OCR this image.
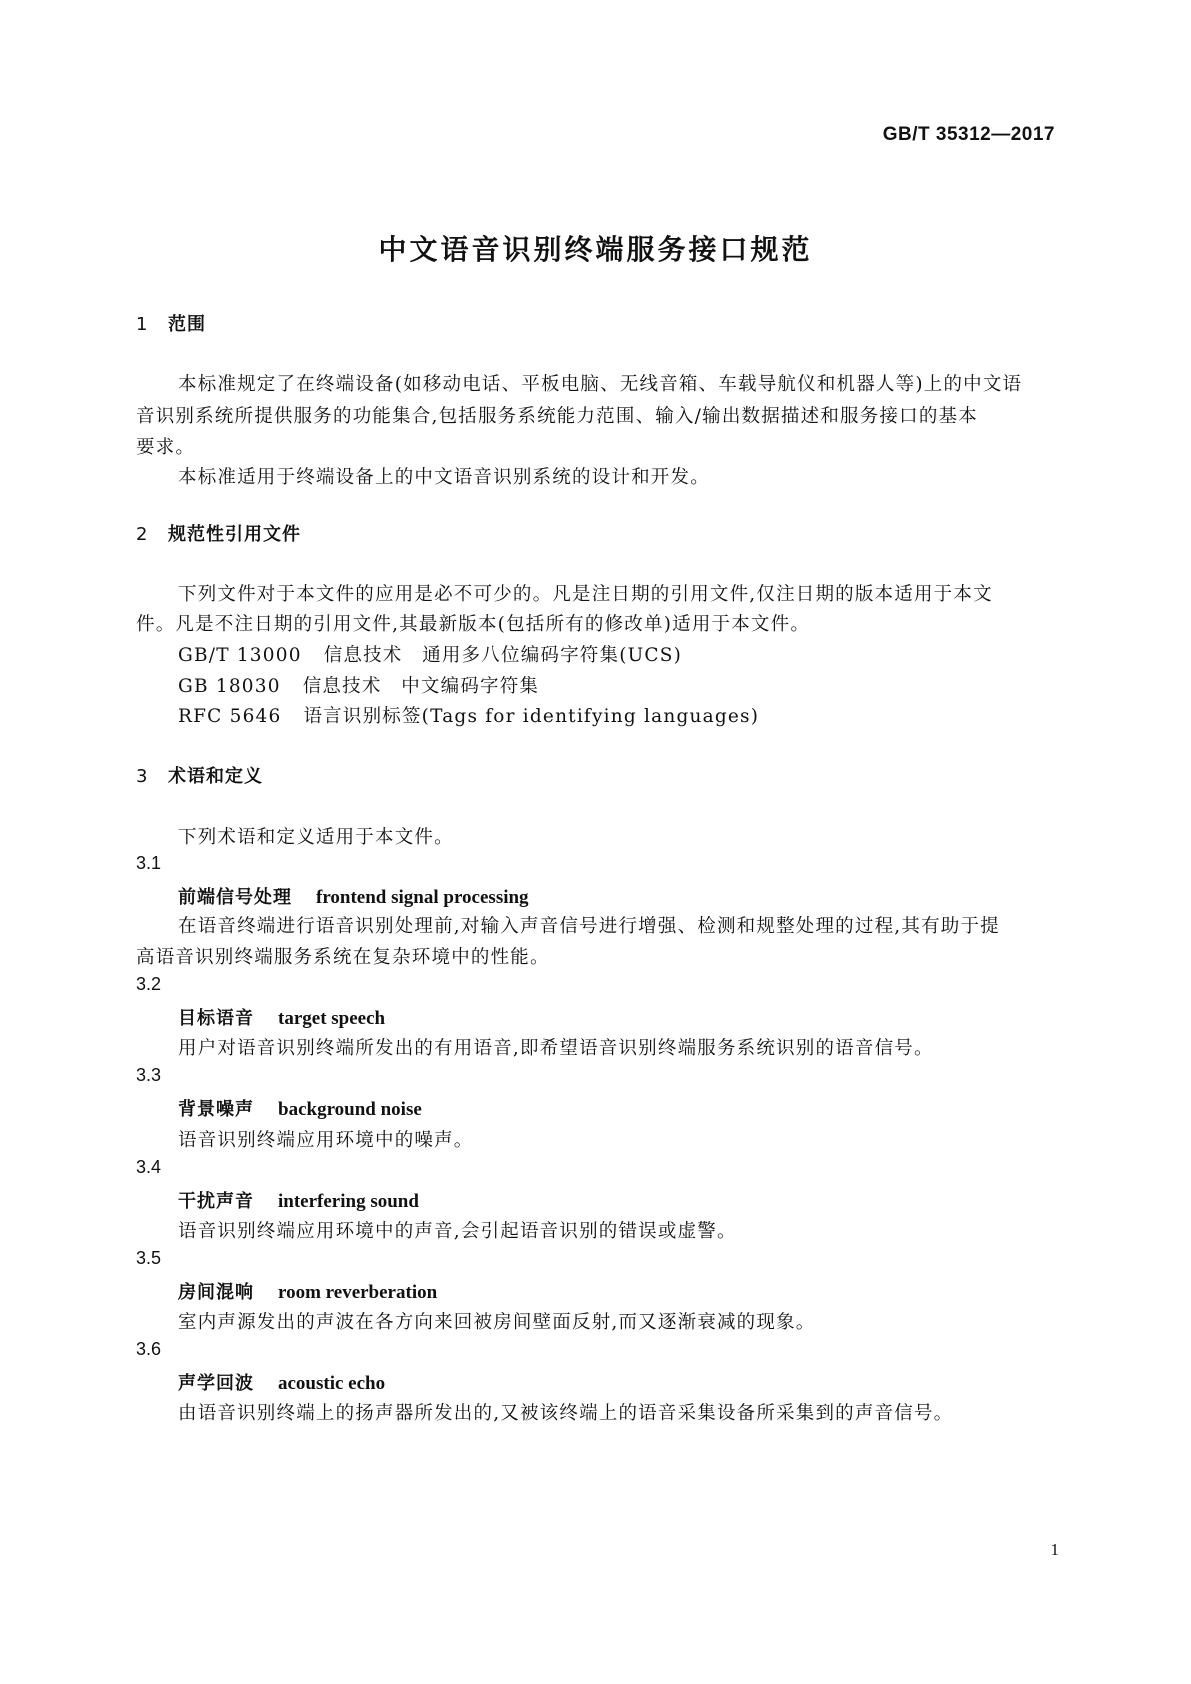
GB/T 35312—2017
中文语音识别终端服务接口规范
1 范围
本标准规定了在终端设备(如移动电话、平板电脑、无线音箱、车载导航仪和机器人等)上的中文语
音识别系统所提供服务的功能集合,包括服务系统能力范围、输入/输出数据描述和服务接口的基本
要求。
本标准适用于终端设备上的中文语音识别系统的设计和开发。
2 规范性引用文件
下列文件对于本文件的应用是必不可少的。凡是注日期的引用文件,仅注日期的版本适用于本文
件。凡是不注日期的引用文件,其最新版本(包括所有的修改单)适用于本文件。
GB/T 13000 信息技术　通用多八位编码字符集(UCS)
GB 18030 信息技术　中文编码字符集
RFC 5646 语言识别标签(Tags for identifying languages)
3 术语和定义
下列术语和定义适用于本文件。
3.1
前端信号处理 frontend signal processing
在语音终端进行语音识别处理前,对输入声音信号进行增强、检测和规整处理的过程,其有助于提
高语音识别终端服务系统在复杂环境中的性能。
3.2
目标语音 target speech
用户对语音识别终端所发出的有用语音,即希望语音识别终端服务系统识别的语音信号。
3.3
背景噪声 background noise
语音识别终端应用环境中的噪声。
3.4
干扰声音 interfering sound
语音识别终端应用环境中的声音,会引起语音识别的错误或虚警。
3.5
房间混响 room reverberation
室内声源发出的声波在各方向来回被房间壁面反射,而又逐渐衰减的现象。
3.6
声学回波 acoustic echo
由语音识别终端上的扬声器所发出的,又被该终端上的语音采集设备所采集到的声音信号。
1
